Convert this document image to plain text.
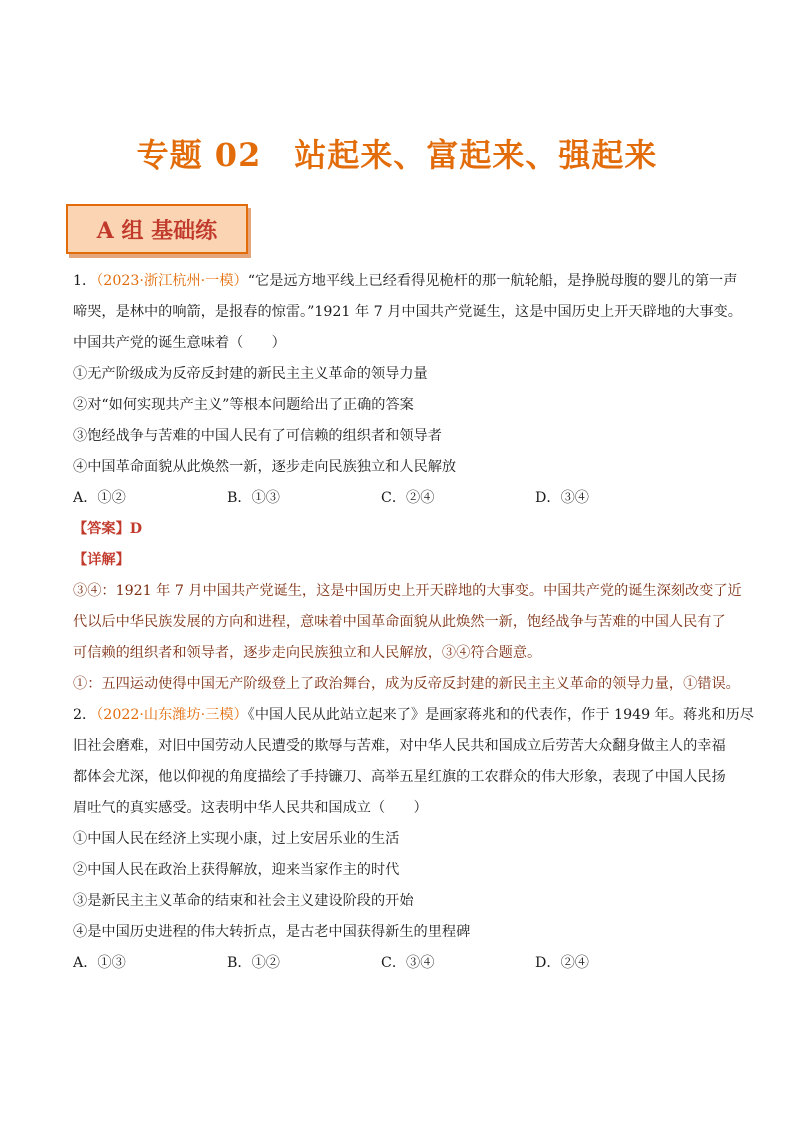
专题 02　站起来、富起来、强起来
A 组 基础练
1．（2023·浙江杭州·一模）“它是远方地平线上已经看得见桅杆的那一航轮船，是挣脱母腹的婴儿的第一声
啼哭，是林中的响箭，是报春的惊雷。”1921 年 7 月中国共产党诞生，这是中国历史上开天辟地的大事变。
中国共产党的诞生意味着（　　）
①无产阶级成为反帝反封建的新民主主义革命的领导力量
②对“如何实现共产主义”等根本问题给出了正确的答案
③饱经战争与苦难的中国人民有了可信赖的组织者和领导者
④中国革命面貌从此焕然一新，逐步走向民族独立和人民解放
A．①②	B．①③	C．②④	D．③④
【答案】D
【详解】
③④：1921 年 7 月中国共产党诞生，这是中国历史上开天辟地的大事变。中国共产党的诞生深刻改变了近
代以后中华民族发展的方向和进程，意味着中国革命面貌从此焕然一新，饱经战争与苦难的中国人民有了
可信赖的组织者和领导者，逐步走向民族独立和人民解放，③④符合题意。
①：五四运动使得中国无产阶级登上了政治舞台，成为反帝反封建的新民主主义革命的领导力量，①错误。
2．（2022·山东潍坊·三模）《中国人民从此站立起来了》是画家蒋兆和的代表作，作于 1949 年。蒋兆和历尽
旧社会磨难，对旧中国劳动人民遭受的欺辱与苦难，对中华人民共和国成立后劳苦大众翻身做主人的幸福
都体会尤深，他以仰视的角度描绘了手持镰刀、高举五星红旗的工农群众的伟大形象，表现了中国人民扬
眉吐气的真实感受。这表明中华人民共和国成立（　　）
①中国人民在经济上实现小康，过上安居乐业的生活
②中国人民在政治上获得解放，迎来当家作主的时代
③是新民主主义革命的结束和社会主义建设阶段的开始
④是中国历史进程的伟大转折点，是古老中国获得新生的里程碑
A．①③	B．①②	C．③④	D．②④
